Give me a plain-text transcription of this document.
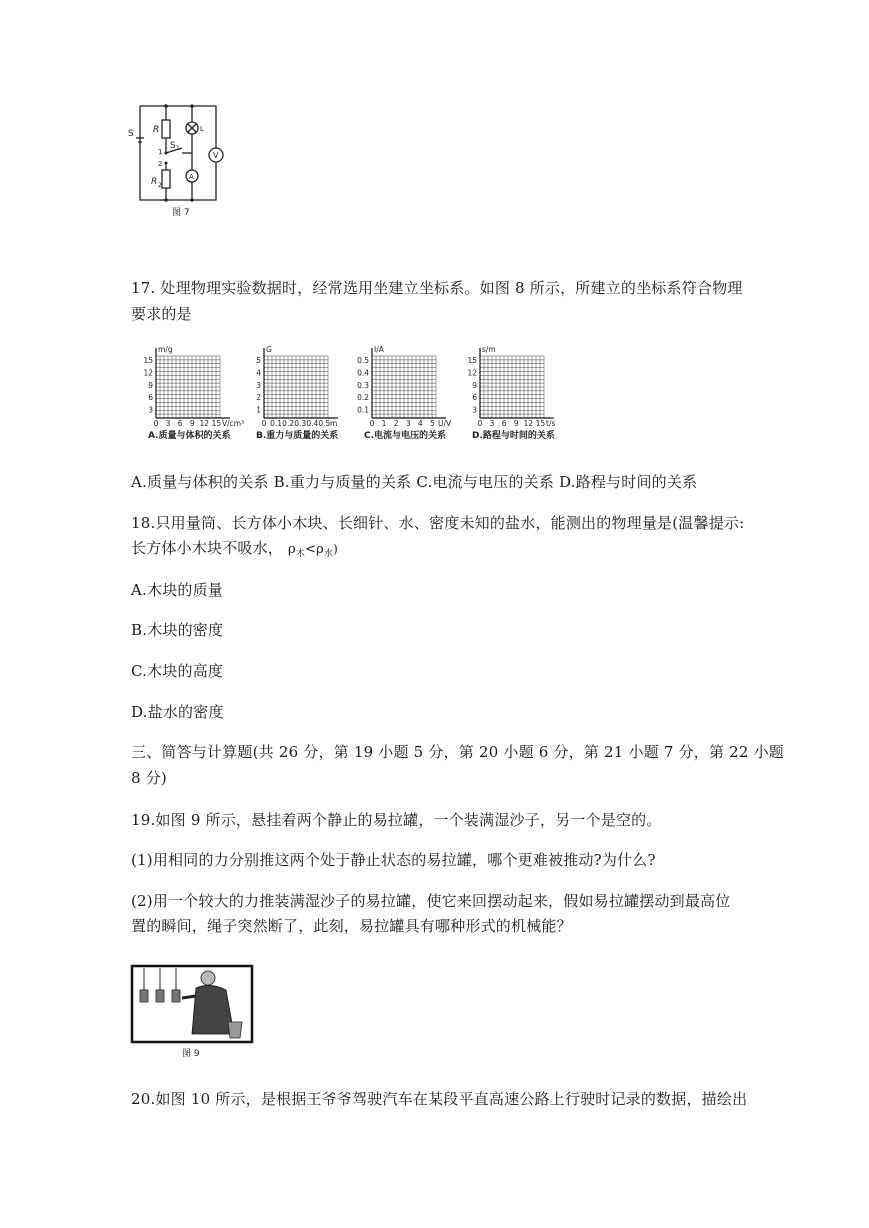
S R
R 2
S 1
1
2
L
V
A
图 7
17. 处理物理实验数据时，经常选用坐建立坐标系。如图 8 所示，所建立的坐标系符合物理
要求的是
m/g
V/cm³
15
12
9
6
3
0 3 6 9 12 15
A.质量与体积的关系
G
m
5
4
3
2
1
0 0.1 0.2 0.3 0.4 0.5
B.重力与质量的关系
I/A
U/V
0.5
0.4
0.3
0.2
0.1
0 1 2 3 4 5
C.电流与电压的关系
s/m
t/s
15
12
9
6
3
0 3 6 9 12 15
D.路程与时间的关系
A.质量与体积的关系 B.重力与质量的关系 C.电流与电压的关系 D.路程与时间的关系
18.只用量筒、长方体小木块、长细针、水、密度未知的盐水，能测出的物理量是(温馨提示:
长方体小木块不吸水， $\rho_木<\rho_水$)
A.木块的质量
B.木块的密度
C.木块的高度
D.盐水的密度
三、简答与计算题(共 26 分，第 19 小题 5 分，第 20 小题 6 分，第 21 小题 7 分，第 22 小题
8 分)
19.如图 9 所示，悬挂着两个静止的易拉罐，一个装满湿沙子，另一个是空的。
(1)用相同的力分别推这两个处于静止状态的易拉罐，哪个更难被推动?为什么?
(2)用一个较大的力推装满湿沙子的易拉罐，使它来回摆动起来，假如易拉罐摆动到最高位
置的瞬间，绳子突然断了，此刻，易拉罐具有哪种形式的机械能？
图 9
20.如图 10 所示，是根据王爷爷驾驶汽车在某段平直高速公路上行驶时记录的数据，描绘出
